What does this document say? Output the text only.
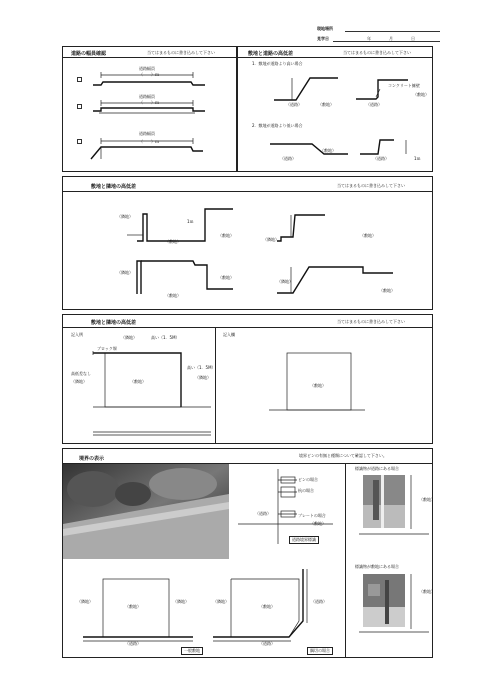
現地場所
見学日	年	月	日
道路の幅員確認	当てはまるものに書き込みして下さい
道路幅員
（　　）ｍ
道路幅員
（　　）ｍ
道路幅員
（　　）ｍ
敷地と道路の高低差	当てはまるものに書き込みして下さい
1．敷地が道路より高い場合
2．敷地が道路より低い場合
コンクリート擁壁
（道路）	（敷地）	（道路）
（敷地）
（道路）
（敷地）
（道路）	1ｍ
敷地と隣地の高低差	当てはまるものに書き込みして下さい
（隣地）
（敷地）
（敷地）
（隣地）
（敷地）
（敷地）
（隣地）
（敷地）
（隣地）
（敷地）
1ｍ
敷地と隣地の高低差	当てはまるものに書き込みして下さい
記入例	記入欄
（隣地）	高い（1．5M）
ブロック塀
高低差なし
（隣地）	（敷地）
高い（1．5M）
（隣地）
（敷地）
境界の表示
境界ピンの有無と種類について確認して下さい。
ピンの場合
杭の場合
プレートの場合
（道路）
（敷地）
道路境界標識
標識物が道路にある場合
標識物が敷地にある場合
（敷地）
（敷地）
（隣地）
（敷地）
（隣地）
（道路）
一般敷地
（隣地）
（敷地）
（道路）
（道路）
隅切の場合
